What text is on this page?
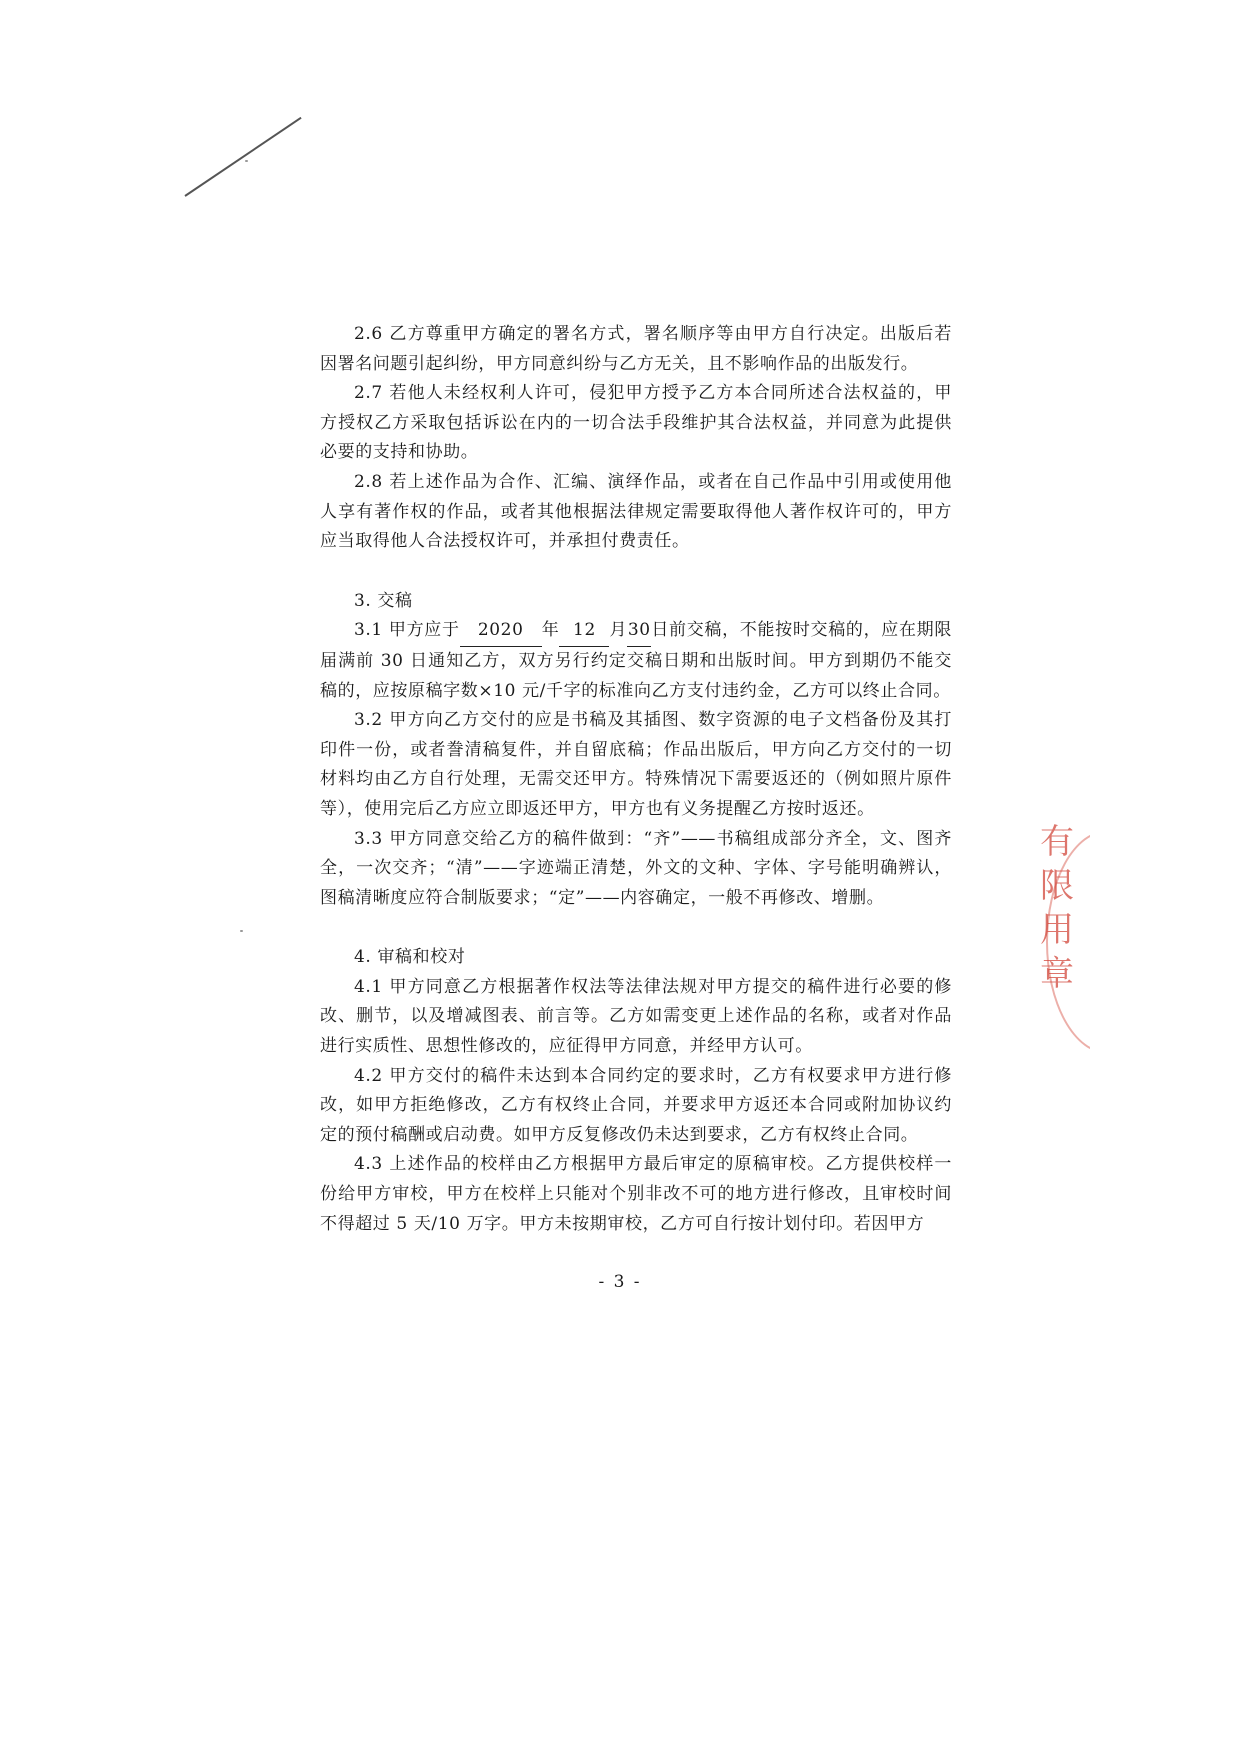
2.6 乙方尊重甲方确定的署名方式，署名顺序等由甲方自行决定。出版后若因署名问题引起纠纷，甲方同意纠纷与乙方无关，且不影响作品的出版发行。

2.7 若他人未经权利人许可，侵犯甲方授予乙方本合同所述合法权益的，甲方授权乙方采取包括诉讼在内的一切合法手段维护其合法权益，并同意为此提供必要的支持和协助。

2.8 若上述作品为合作、汇编、演绎作品，或者在自己作品中引用或使用他人享有著作权的作品，或者其他根据法律规定需要取得他人著作权许可的，甲方应当取得他人合法授权许可，并承担付费责任。

3. 交稿

3.1 甲方应于 2020 年 12 月30日前交稿，不能按时交稿的，应在期限届满前 30 日通知乙方，双方另行约定交稿日期和出版时间。甲方到期仍不能交稿的，应按原稿字数×10 元/千字的标准向乙方支付违约金，乙方可以终止合同。

3.2 甲方向乙方交付的应是书稿及其插图、数字资源的电子文档备份及其打印件一份，或者誊清稿复件，并自留底稿；作品出版后，甲方向乙方交付的一切材料均由乙方自行处理，无需交还甲方。特殊情况下需要返还的（例如照片原件等），使用完后乙方应立即返还甲方，甲方也有义务提醒乙方按时返还。

3.3 甲方同意交给乙方的稿件做到：“齐”——书稿组成部分齐全，文、图齐全，一次交齐；“清”——字迹端正清楚，外文的文种、字体、字号能明确辨认，图稿清晰度应符合制版要求；“定”——内容确定，一般不再修改、增删。

4. 审稿和校对

4.1 甲方同意乙方根据著作权法等法律法规对甲方提交的稿件进行必要的修改、删节，以及增减图表、前言等。乙方如需变更上述作品的名称，或者对作品进行实质性、思想性修改的，应征得甲方同意，并经甲方认可。

4.2 甲方交付的稿件未达到本合同约定的要求时，乙方有权要求甲方进行修改，如甲方拒绝修改，乙方有权终止合同，并要求甲方返还本合同或附加协议约定的预付稿酬或启动费。如甲方反复修改仍未达到要求，乙方有权终止合同。

4.3 上述作品的校样由乙方根据甲方最后审定的原稿审校。乙方提供校样一份给甲方审校，甲方在校样上只能对个别非改不可的地方进行修改，且审校时间不得超过 5 天/10 万字。甲方未按期审校，乙方可自行按计划付印。若因甲方

- 3 -
有
限
用
章
